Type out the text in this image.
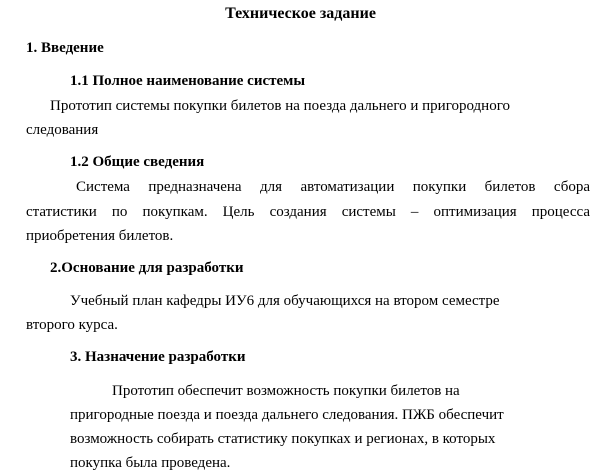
Техническое задание
1. Введение
1.1 Полное наименование системы
Прототип системы покупки билетов на поезда дальнего и пригородного
следования
1.2 Общие сведения
Система предназначена для автоматизации покупки билетов сбора
статистики по покупкам. Цель создания системы – оптимизация процесса
приобретения билетов.
2.Основание для разработки
Учебный план кафедры ИУ6 для обучающихся на втором семестре
второго курса.
3. Назначение разработки
Прототип обеспечит возможность покупки билетов на
пригородные поезда и поезда дальнего следования. ПЖБ обеспечит
возможность собирать статистику покупках и регионах, в которых
покупка была проведена.
